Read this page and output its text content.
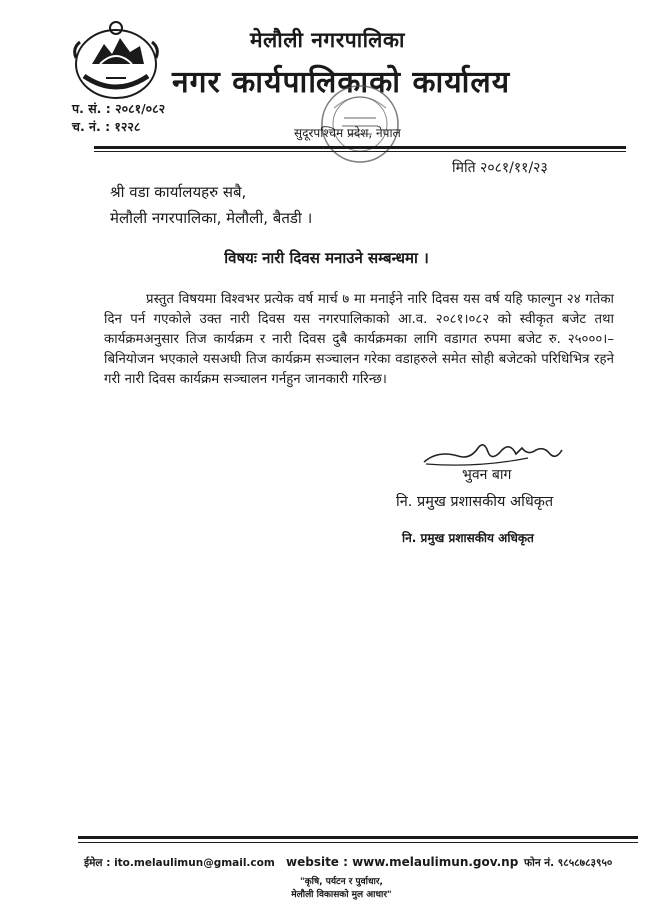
मेलौली नगरपालिका
नगर कार्यपालिकाको कार्यालय
सुदूरपश्चिम प्रदेश, नेपाल
प. सं. : २०८१/०८२
च. नं. : १२२८
मिति २०८१/११/२३
श्री वडा कार्यालयहरु सबै,
मेलौली नगरपालिका, मेलौली, बैतडी ।
विषयः नारी दिवस मनाउने सम्बन्धमा ।
प्रस्तुत विषयमा विश्वभर प्रत्येक वर्ष मार्च ७ मा मनाईने नारि दिवस यस वर्ष यहि फाल्गुन २४ गतेका दिन पर्न गएकोले उक्त नारी दिवस यस नगरपालिकाको आ.व. २०८१।०८२ को स्वीकृत बजेट तथा कार्यक्रमअनुसार तिज कार्यक्रम र नारी दिवस दुबै कार्यक्रमका लागि वडागत रुपमा बजेट रु. २५०००।– बिनियोजन भएकाले यसअघी तिज कार्यक्रम सञ्चालन गरेका वडाहरुले समेत सोही बजेटको परिधिभित्र रहने गरी नारी दिवस कार्यक्रम सञ्चालन गर्नहुन जानकारी गरिन्छ।
भुवन बाग
नि. प्रमुख प्रशासकीय अधिकृत
नि. प्रमुख प्रशासकीय अधिकृत
ईमेल : ito.melaulimun@gmail.com website : www.melaulimun.gov.np फोन नं. ९८५८७८३९५०
"कृषि, पर्यटन र पुर्वाधार,
मेलौली विकासको मुल आधार"
